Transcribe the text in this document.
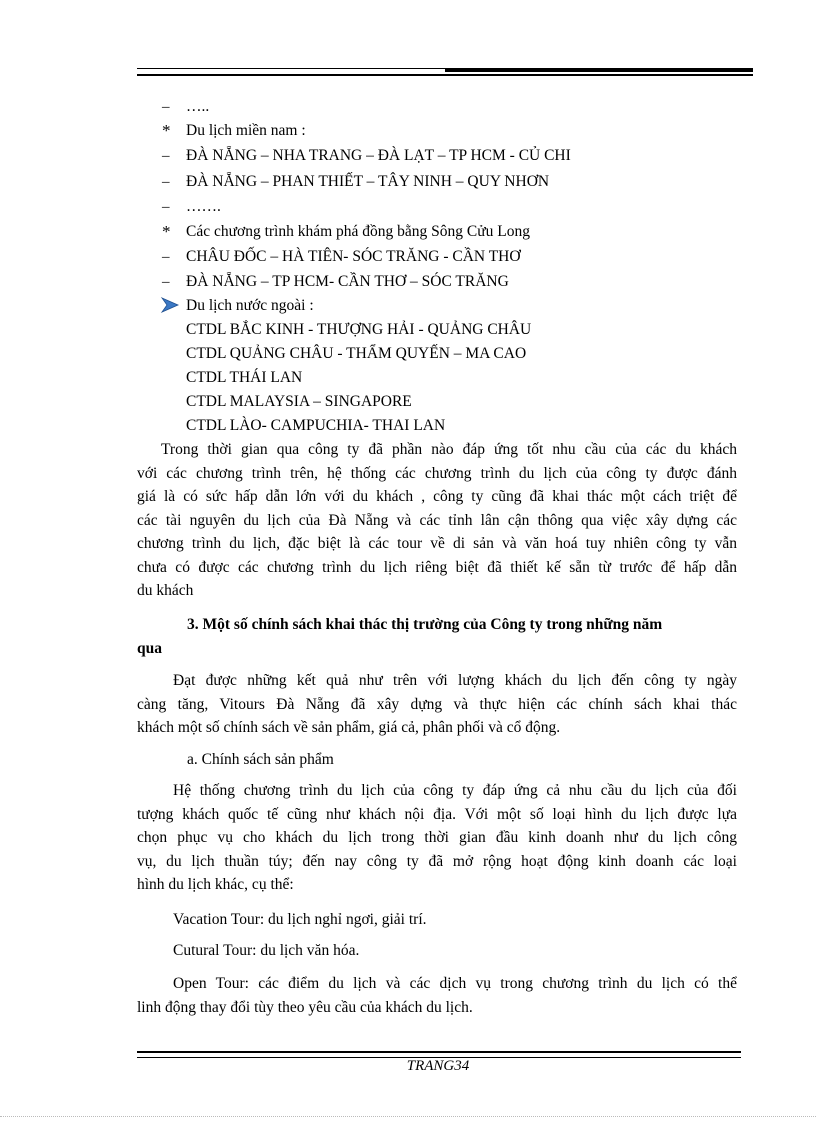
–	…..
*	Du lịch miền nam :
–	ĐÀ NẴNG – NHA TRANG – ĐÀ LẠT – TP HCM - CỦ CHI
–	ĐÀ NẴNG – PHAN THIẾT – TÂY NINH – QUY NHƠN
–	…….
*	Các chương trình khám phá đồng bằng Sông Cửu Long
–	CHÂU ĐỐC – HÀ TIÊN- SÓC TRĂNG - CẦN THƠ
–	ĐÀ NẴNG – TP HCM- CẦN THƠ – SÓC TRĂNG
Du lịch nước ngoài :
CTDL BẮC KINH - THƯỢNG HẢI - QUẢNG CHÂU
CTDL QUẢNG CHÂU - THẨM QUYẾN – MA CAO
CTDL THÁI LAN
CTDL MALAYSIA – SINGAPORE
CTDL LÀO- CAMPUCHIA- THAI LAN
Trong thời gian qua công ty đã phần nào đáp ứng tốt nhu cầu của các du khách
với các chương trình trên, hệ thống các chương trình du lịch của công ty được đánh
giá là có sức hấp dẫn lớn với du khách , công ty cũng đã khai thác một cách triệt để
các tài nguyên du lịch của Đà Nẵng và các tỉnh lân cận thông qua việc xây dựng các
chương trình du lịch, đặc biệt là các tour về di sản và văn hoá tuy nhiên công ty vẫn
chưa có được các chương trình du lịch riêng biệt đã thiết kế sẵn từ trước để hấp dẫn
du khách
3. Một số chính sách khai thác thị trường của Công ty trong những năm
qua
Đạt được những kết quả như trên với lượng khách du lịch đến công ty ngày
càng tăng, Vitours Đà Nẵng đã xây dựng và thực hiện các chính sách khai thác
khách một số chính sách về sản phẩm, giá cả, phân phối và cổ động.
a. Chính sách sản phẩm
Hệ thống chương trình du lịch của công ty đáp ứng cả nhu cầu du lịch của đối
tượng khách quốc tế cũng như khách nội địa. Với một số loại hình du lịch được lựa
chọn phục vụ cho khách du lịch trong thời gian đầu kinh doanh như du lịch công
vụ, du lịch thuần túy; đến nay công ty đã mở rộng hoạt động kinh doanh các loại
hình du lịch khác, cụ thể:
Vacation Tour: du lịch nghỉ ngơi, giải trí.
Cutural Tour: du lịch văn hóa.
Open Tour: các điểm du lịch và các dịch vụ trong chương trình du lịch có thể
linh động thay đổi tùy theo yêu cầu của khách du lịch.
TRANG34
